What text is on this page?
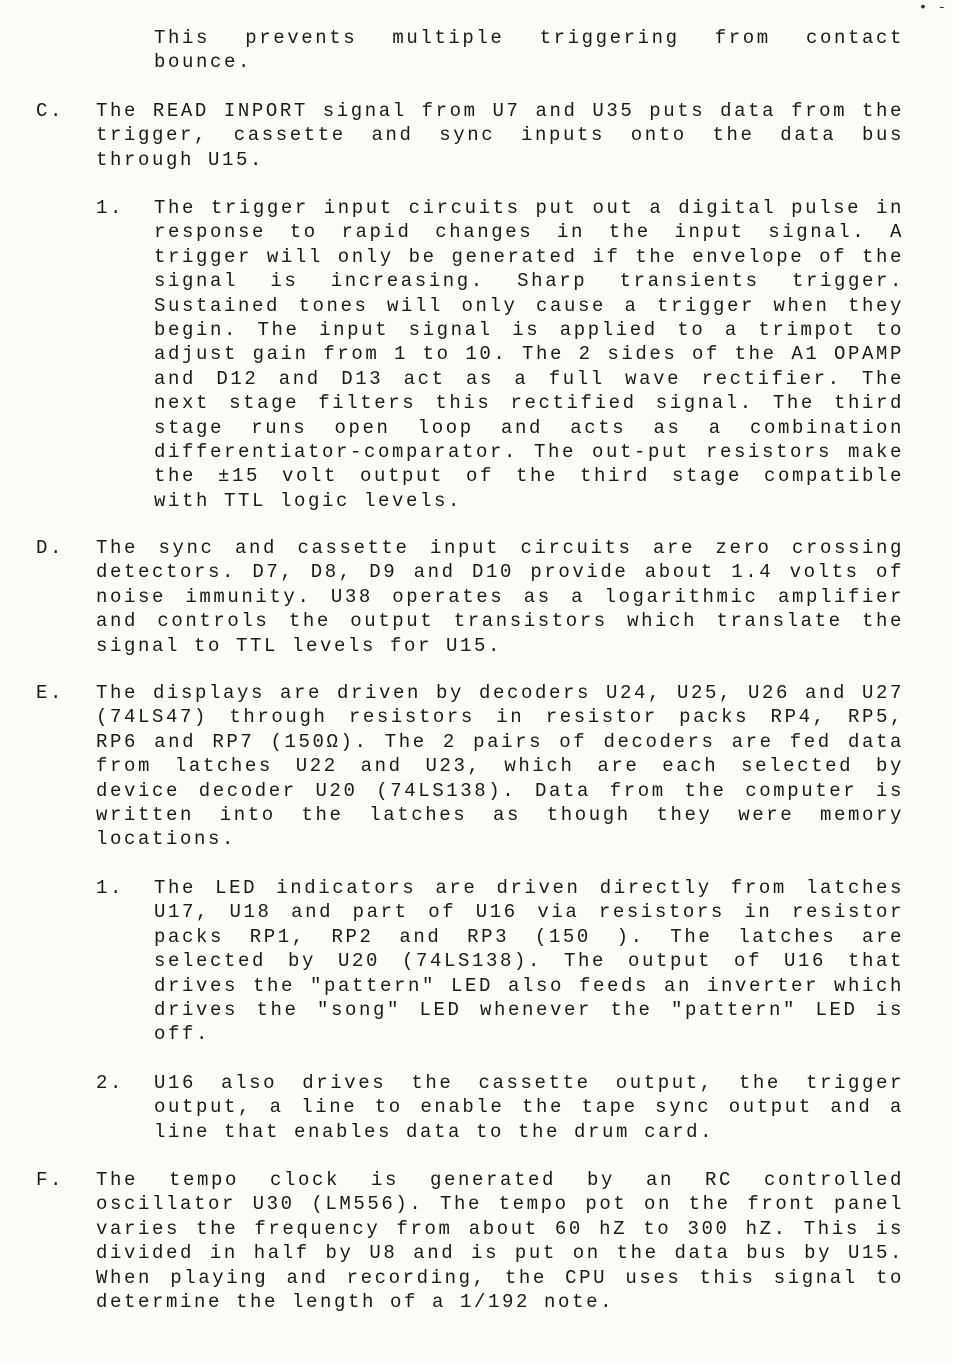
• -
This prevents multiple triggering from contact bounce.
C. The READ INPORT signal from U7 and U35 puts data from the trigger, cassette and sync inputs onto the data bus through U15.
1. The trigger input circuits put out a digital pulse in response to rapid changes in the input signal. A trigger will only be generated if the envelope of the signal is increasing. Sharp transients trigger. Sustained tones will only cause a trigger when they begin. The input signal is applied to a trimpot to adjust gain from 1 to 10. The 2 sides of the A1 OPAMP and D12 and D13 act as a full wave rectifier. The next stage filters this rectified signal. The third stage runs open loop and acts as a combination differentiator-comparator. The out-put resistors make the ±15 volt output of the third stage compatible with TTL logic levels.
D. The sync and cassette input circuits are zero crossing detectors. D7, D8, D9 and D10 provide about 1.4 volts of noise immunity. U38 operates as a logarithmic amplifier and controls the output transistors which translate the signal to TTL levels for U15.
E. The displays are driven by decoders U24, U25, U26 and U27 (74LS47) through resistors in resistor packs RP4, RP5, RP6 and RP7 (150Ω). The 2 pairs of decoders are fed data from latches U22 and U23, which are each selected by device decoder U20 (74LS138). Data from the computer is written into the latches as though they were memory locations.
1. The LED indicators are driven directly from latches U17, U18 and part of U16 via resistors in resistor packs RP1, RP2 and RP3 (150 ). The latches are selected by U20 (74LS138). The output of U16 that drives the "pattern" LED also feeds an inverter which drives the "song" LED whenever the "pattern" LED is off.
2. U16 also drives the cassette output, the trigger output, a line to enable the tape sync output and a line that enables data to the drum card.
F. The tempo clock is generated by an RC controlled oscillator U30 (LM556). The tempo pot on the front panel varies the frequency from about 60 hZ to 300 hZ. This is divided in half by U8 and is put on the data bus by U15. When playing and recording, the CPU uses this signal to determine the length of a 1/192 note.
